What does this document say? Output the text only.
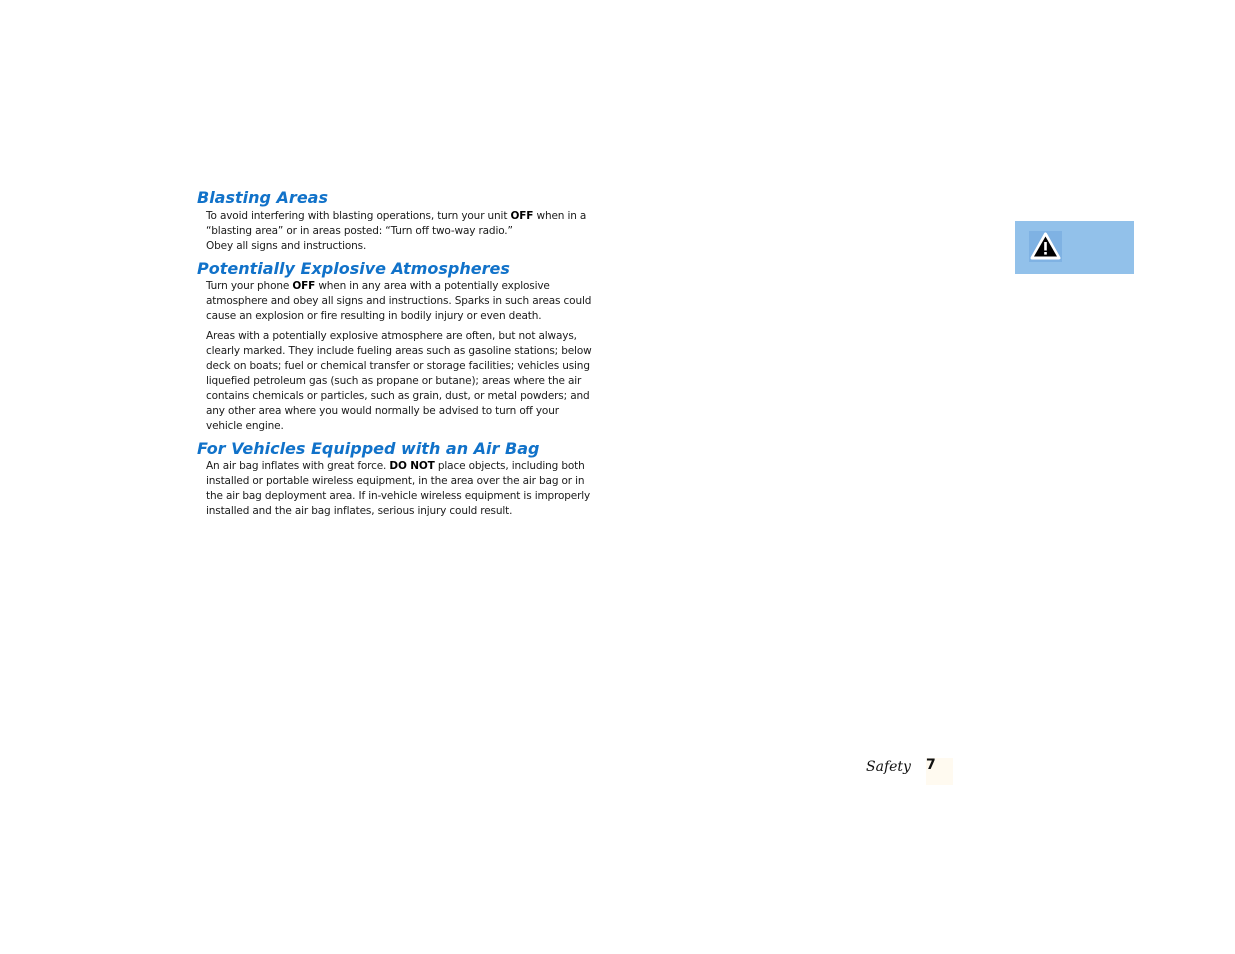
Blasting Areas

To avoid interfering with blasting operations, turn your unit OFF when in a “blasting area” or in areas posted: “Turn off two-way radio.”
Obey all signs and instructions.

Potentially Explosive Atmospheres

Turn your phone OFF when in any area with a potentially explosive atmosphere and obey all signs and instructions. Sparks in such areas could cause an explosion or fire resulting in bodily injury or even death.

Areas with a potentially explosive atmosphere are often, but not always, clearly marked. They include fueling areas such as gasoline stations; below deck on boats; fuel or chemical transfer or storage facilities; vehicles using liquefied petroleum gas (such as propane or butane); areas where the air contains chemicals or particles, such as grain, dust, or metal powders; and any other area where you would normally be advised to turn off your vehicle engine.

For Vehicles Equipped with an Air Bag

An air bag inflates with great force. DO NOT place objects, including both installed or portable wireless equipment, in the area over the air bag or in the air bag deployment area. If in-vehicle wireless equipment is improperly installed and the air bag inflates, serious injury could result.

Safety 7
